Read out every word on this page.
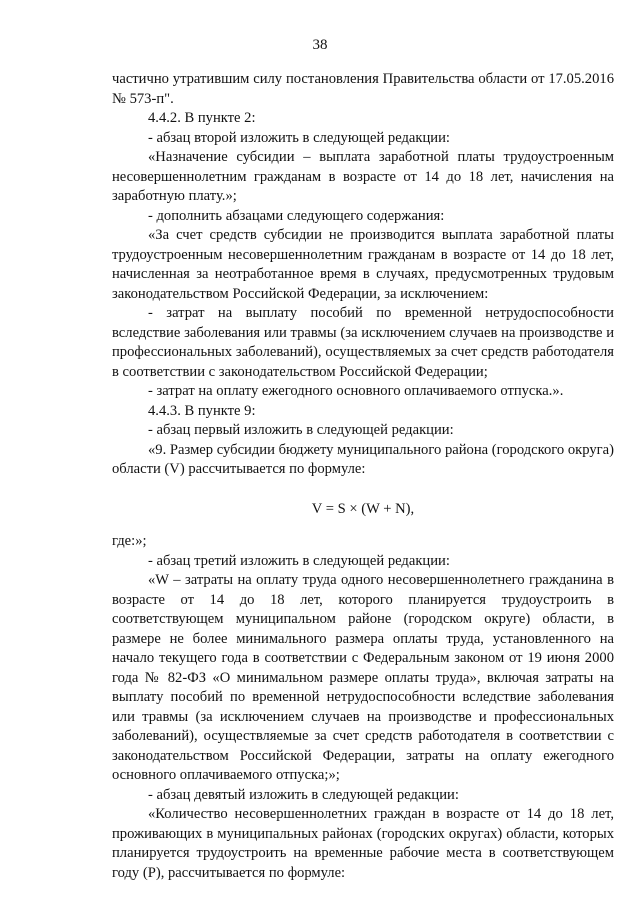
38

частично утратившим силу постановления Правительства области от 17.05.2016 № 573-п".

4.4.2. В пункте 2:

- абзац второй изложить в следующей редакции:

«Назначение субсидии – выплата заработной платы трудоустроенным несовершеннолетним гражданам в возрасте от 14 до 18 лет, начисления на заработную плату.»;

- дополнить абзацами следующего содержания:

«За счет средств субсидии не производится выплата заработной платы трудоустроенным несовершеннолетним гражданам в возрасте от 14 до 18 лет, начисленная за неотработанное время в случаях, предусмотренных трудовым законодательством Российской Федерации, за исключением:

- затрат на выплату пособий по временной нетрудоспособности вследствие заболевания или травмы (за исключением случаев на производстве и профессиональных заболеваний), осуществляемых за счет средств работодателя в соответствии с законодательством Российской Федерации;

- затрат на оплату ежегодного основного оплачиваемого отпуска.».

4.4.3. В пункте 9:

- абзац первый изложить в следующей редакции:

«9. Размер субсидии бюджету муниципального района (городского округа) области (V) рассчитывается по формуле:

V = S × (W + N),

где:»;

- абзац третий изложить в следующей редакции:

«W – затраты на оплату труда одного несовершеннолетнего гражданина в возрасте от 14 до 18 лет, которого планируется трудоустроить в соответствующем муниципальном районе (городском округе) области, в размере не более минимального размера оплаты труда, установленного на начало текущего года в соответствии с Федеральным законом от 19 июня 2000 года № 82-ФЗ «О минимальном размере оплаты труда», включая затраты на выплату пособий по временной нетрудоспособности вследствие заболевания или травмы (за исключением случаев на производстве и профессиональных заболеваний), осуществляемые за счет средств работодателя в соответствии с законодательством Российской Федерации, затраты на оплату ежегодного основного оплачиваемого отпуска;»;

- абзац девятый изложить в следующей редакции:

«Количество несовершеннолетних граждан в возрасте от 14 до 18 лет, проживающих в муниципальных районах (городских округах) области, которых планируется трудоустроить на временные рабочие места в соответствующем году (P), рассчитывается по формуле:
